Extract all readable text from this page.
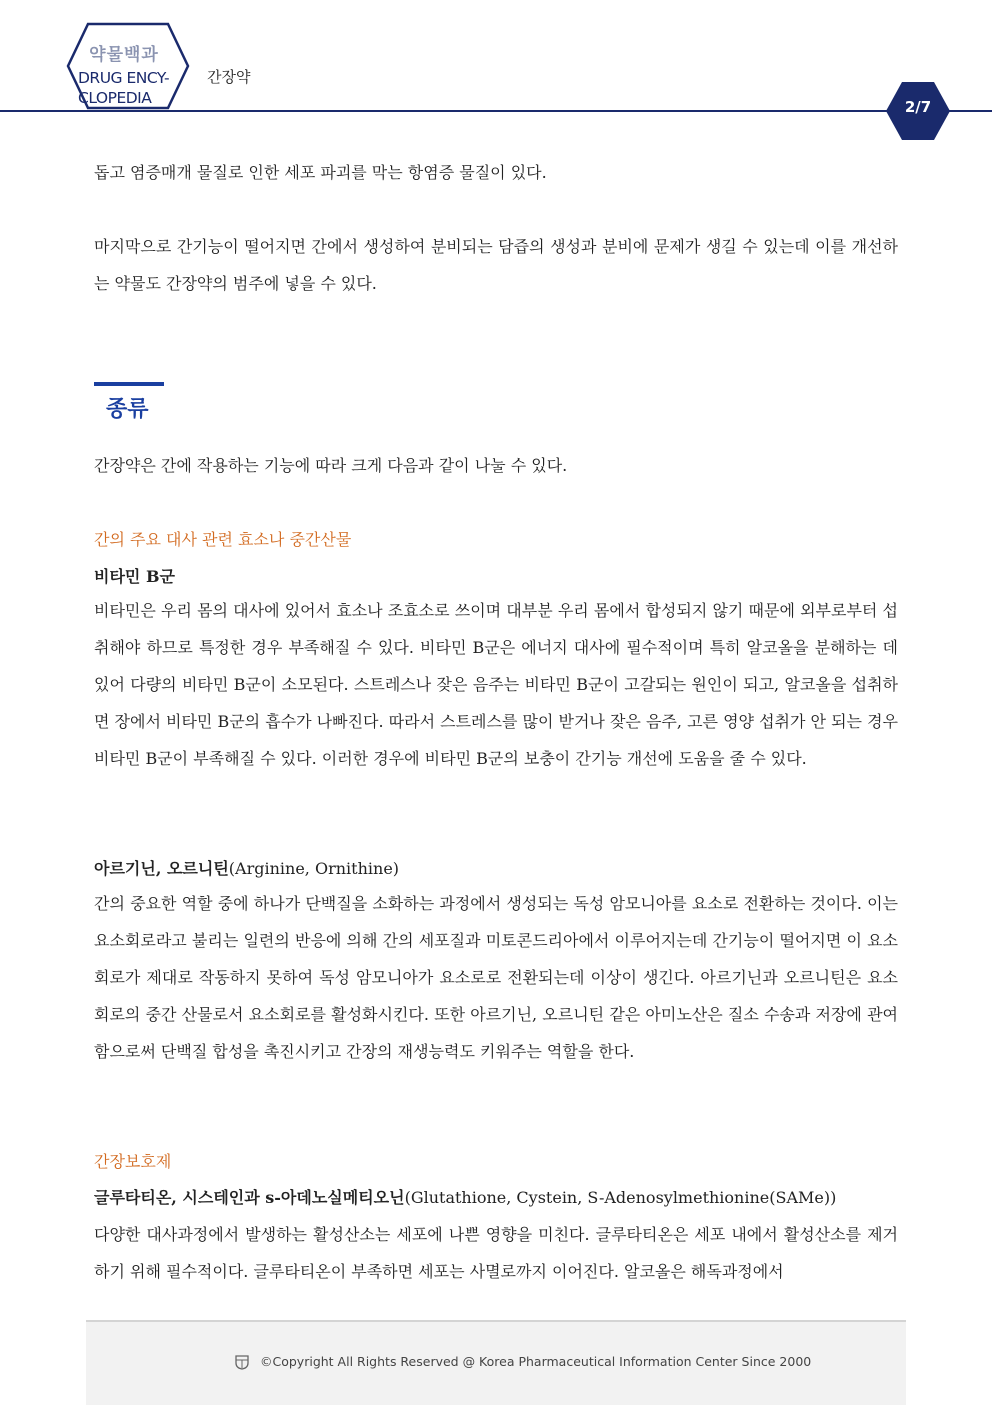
약물백과
DRUG ENCY-
CLOPEDIA
간장약
2/7

돕고 염증매개 물질로 인한 세포 파괴를 막는 항염증 물질이 있다.

마지막으로 간기능이 떨어지면 간에서 생성하여 분비되는 담즙의 생성과 분비에 문제가 생길 수 있는데 이를 개선하는 약물도 간장약의 범주에 넣을 수 있다.

종류

간장약은 간에 작용하는 기능에 따라 크게 다음과 같이 나눌 수 있다.

간의 주요 대사 관련 효소나 중간산물

비타민 B군

비타민은 우리 몸의 대사에 있어서 효소나 조효소로 쓰이며 대부분 우리 몸에서 합성되지 않기 때문에 외부로부터 섭취해야 하므로 특정한 경우 부족해질 수 있다. 비타민 B군은 에너지 대사에 필수적이며 특히 알코올을 분해하는 데 있어 다량의 비타민 B군이 소모된다. 스트레스나 잦은 음주는 비타민 B군이 고갈되는 원인이 되고, 알코올을 섭취하면 장에서 비타민 B군의 흡수가 나빠진다. 따라서 스트레스를 많이 받거나 잦은 음주, 고른 영양 섭취가 안 되는 경우 비타민 B군이 부족해질 수 있다. 이러한 경우에 비타민 B군의 보충이 간기능 개선에 도움을 줄 수 있다.

아르기닌, 오르니틴(Arginine, Ornithine)

간의 중요한 역할 중에 하나가 단백질을 소화하는 과정에서 생성되는 독성 암모니아를 요소로 전환하는 것이다. 이는 요소회로라고 불리는 일련의 반응에 의해 간의 세포질과 미토콘드리아에서 이루어지는데 간기능이 떨어지면 이 요소회로가 제대로 작동하지 못하여 독성 암모니아가 요소로로 전환되는데 이상이 생긴다. 아르기닌과 오르니틴은 요소회로의 중간 산물로서 요소회로를 활성화시킨다. 또한 아르기닌, 오르니틴 같은 아미노산은 질소 수송과 저장에 관여함으로써 단백질 합성을 촉진시키고 간장의 재생능력도 키워주는 역할을 한다.

간장보호제

글루타티온, 시스테인과 s-아데노실메티오닌(Glutathione, Cystein, S-Adenosylmethionine(SAMe))

다양한 대사과정에서 발생하는 활성산소는 세포에 나쁜 영향을 미친다. 글루타티온은 세포 내에서 활성산소를 제거하기 위해 필수적이다. 글루타티온이 부족하면 세포는 사멸로까지 이어진다. 알코올은 해독과정에서

©Copyright All Rights Reserved @ Korea Pharmaceutical Information Center Since 2000
